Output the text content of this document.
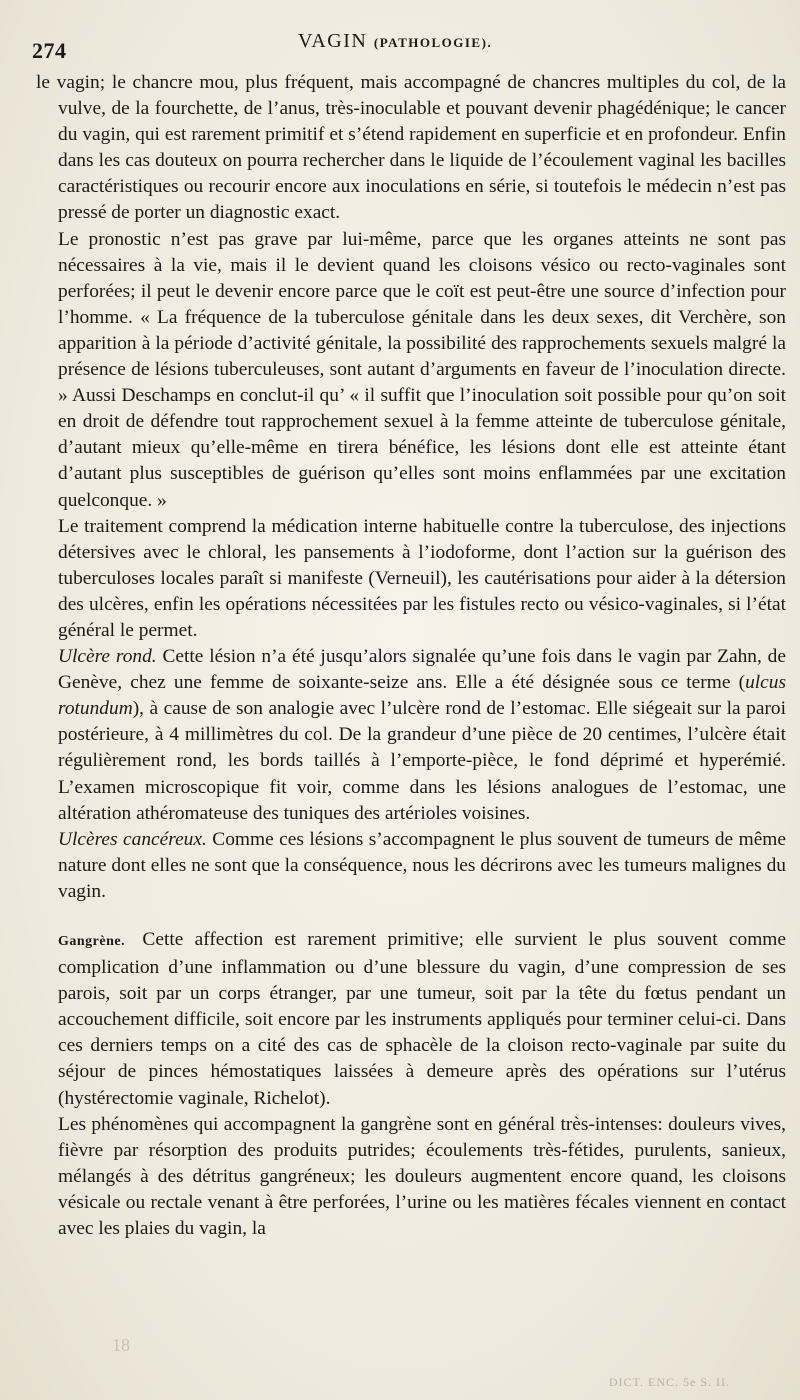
274	VAGIN (PATHOLOGIE).

le vagin; le chancre mou, plus fréquent, mais accompagné de chancres multiples du col, de la vulve, de la fourchette, de l’anus, très-inoculable et pouvant devenir phagédénique; le cancer du vagin, qui est rarement primitif et s’étend rapidement en superficie et en profondeur. Enfin dans les cas douteux on pourra rechercher dans le liquide de l’écoulement vaginal les bacilles caractéristiques ou recourir encore aux inoculations en série, si toutefois le médecin n’est pas pressé de porter un diagnostic exact.

Le pronostic n’est pas grave par lui-même, parce que les organes atteints ne sont pas nécessaires à la vie, mais il le devient quand les cloisons vésico ou recto-vaginales sont perforées; il peut le devenir encore parce que le coït est peut-être une source d’infection pour l’homme. « La fréquence de la tuberculose génitale dans les deux sexes, dit Verchère, son apparition à la période d’activité génitale, la possibilité des rapprochements sexuels malgré la présence de lésions tuberculeuses, sont autant d’arguments en faveur de l’inoculation directe. » Aussi Deschamps en conclut-il qu’ « il suffit que l’inoculation soit possible pour qu’on soit en droit de défendre tout rapprochement sexuel à la femme atteinte de tuberculose génitale, d’autant mieux qu’elle-même en tirera bénéfice, les lésions dont elle est atteinte étant d’autant plus susceptibles de guérison qu’elles sont moins enflammées par une excitation quelconque. »

Le traitement comprend la médication interne habituelle contre la tuberculose, des injections détersives avec le chloral, les pansements à l’iodoforme, dont l’action sur la guérison des tuberculoses locales paraît si manifeste (Verneuil), les cautérisations pour aider à la détersion des ulcères, enfin les opérations nécessitées par les fistules recto ou vésico-vaginales, si l’état général le permet.

Ulcère rond. Cette lésion n’a été jusqu’alors signalée qu’une fois dans le vagin par Zahn, de Genève, chez une femme de soixante-seize ans. Elle a été désignée sous ce terme (ulcus rotundum), à cause de son analogie avec l’ulcère rond de l’estomac. Elle siégeait sur la paroi postérieure, à 4 millimètres du col. De la grandeur d’une pièce de 20 centimes, l’ulcère était régulièrement rond, les bords taillés à l’emporte-pièce, le fond déprimé et hyperémié. L’examen microscopique fit voir, comme dans les lésions analogues de l’estomac, une altération athéromateuse des tuniques des artérioles voisines.

Ulcères cancéreux. Comme ces lésions s’accompagnent le plus souvent de tumeurs de même nature dont elles ne sont que la conséquence, nous les décrirons avec les tumeurs malignes du vagin.

Gangrène. Cette affection est rarement primitive; elle survient le plus souvent comme complication d’une inflammation ou d’une blessure du vagin, d’une compression de ses parois, soit par un corps étranger, par une tumeur, soit par la tête du fœtus pendant un accouchement difficile, soit encore par les instruments appliqués pour terminer celui-ci. Dans ces derniers temps on a cité des cas de sphacèle de la cloison recto-vaginale par suite du séjour de pinces hémostatiques laissées à demeure après des opérations sur l’utérus (hystérectomie vaginale, Richelot).

Les phénomènes qui accompagnent la gangrène sont en général très-intenses: douleurs vives, fièvre par résorption des produits putrides; écoulements très-fétides, purulents, sanieux, mélangés à des détritus gangréneux; les douleurs augmentent encore quand, les cloisons vésicale ou rectale venant à être perforées, l’urine ou les matières fécales viennent en contact avec les plaies du vagin, la

18
DICT. ENC. 5e S. II.
